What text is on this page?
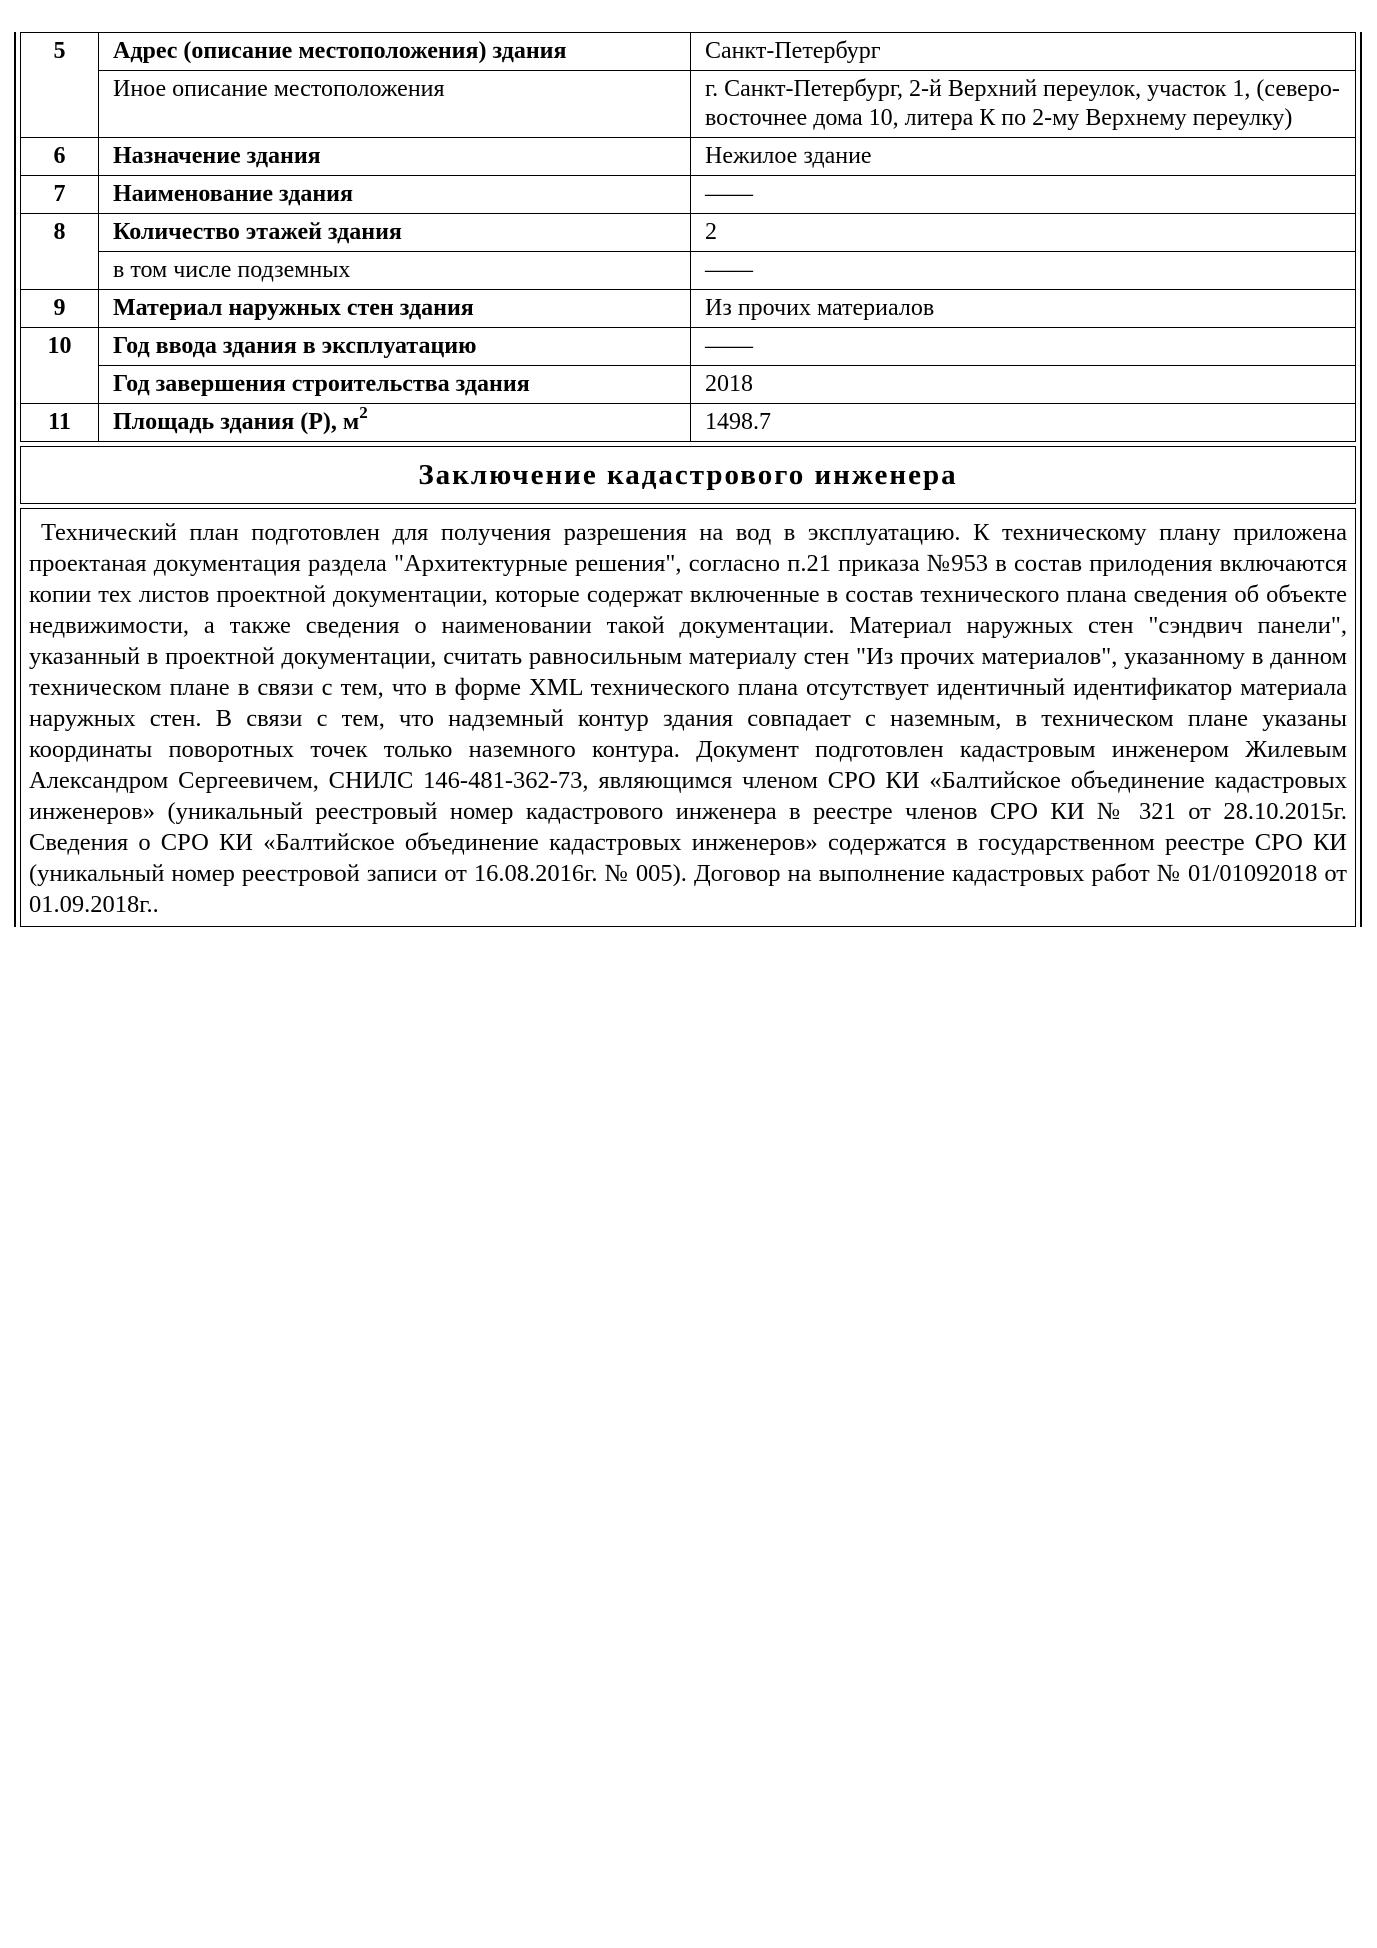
5	Адрес (описание местоположения) здания	Санкт-Петербург
	Иное описание местоположения	г. Санкт-Петербург, 2-й Верхний переулок, участок 1, (северо-восточнее дома 10, литера К по 2-му Верхнему переулку)
6	Назначение здания	Нежилое здание
7	Наименование здания	——
8	Количество этажей здания	2
	в том числе подземных	——
9	Материал наружных стен здания	Из прочих материалов
10	Год ввода здания в эксплуатацию	——
	Год завершения строительства здания	2018
11	Площадь здания (Р), $м^2$	1498.7
Заключение кадастрового инженера
Технический план подготовлен для получения разрешения на вод в эксплуатацию. К техническому плану приложена проектаная документация раздела "Архитектурные решения", согласно п.21 приказа №953 в состав прилодения включаются копии тех листов проектной документации, которые содержат включенные в состав технического плана сведения об объекте недвижимости, а также сведения о наименовании такой документации. Материал наружных стен "сэндвич панели", указанный в проектной документации, считать равносильным материалу стен "Из прочих материалов", указанному в данном техническом плане в связи с тем, что в форме XML технического плана отсутствует идентичный идентификатор материала наружных стен. В связи с тем, что надземный контур здания совпадает с наземным, в техническом плане указаны координаты поворотных точек только наземного контура. Документ подготовлен кадастровым инженером Жилевым Александром Сергеевичем, СНИЛС 146-481-362-73, являющимся членом СРО КИ «Балтийское объединение кадастровых инженеров» (уникальный реестровый номер кадастрового инженера в реестре членов СРО КИ № 321 от 28.10.2015г. Сведения о СРО КИ «Балтийское объединение кадастровых инженеров» содержатся в государственном реестре СРО КИ (уникальный номер реестровой записи от 16.08.2016г. № 005). Договор на выполнение кадастровых работ № 01/01092018 от 01.09.2018г..
